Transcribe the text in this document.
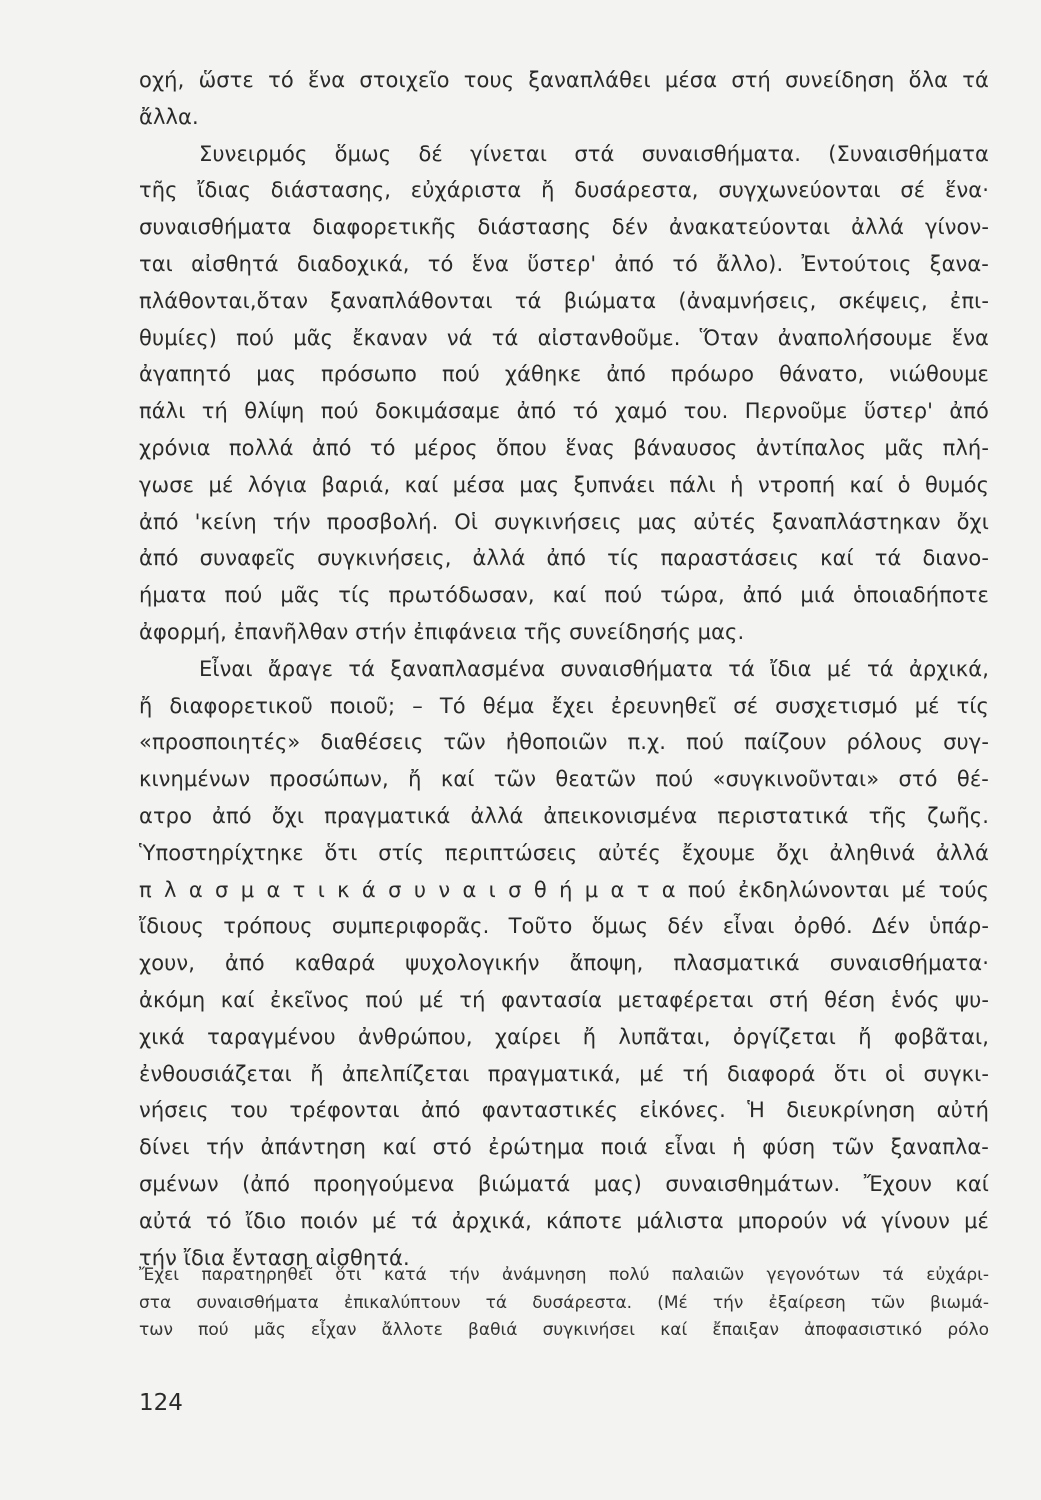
οχή, ὥστε τό ἕνα στοιχεῖο τους ξαναπλάθει μέσα στή συνείδηση ὅλα τά
ἄλλα.
Συνειρμός ὅμως δέ γίνεται στά συναισθήματα. (Συναισθήματα
τῆς ἴδιας διάστασης, εὐχάριστα ἤ δυσάρεστα, συγχωνεύονται σέ ἕνα·
συναισθήματα διαφορετικῆς διάστασης δέν ἀνακατεύονται ἀλλά γίνον-
ται αἰσθητά διαδοχικά, τό ἕνα ὕστερ' ἀπό τό ἄλλο). Ἐντούτοις ξανα-
πλάθονται,ὅταν ξαναπλάθονται τά βιώματα (ἀναμνήσεις, σκέψεις, ἐπι-
θυμίες) πού μᾶς ἔκαναν νά τά αἰστανθοῦμε. Ὅταν ἀναπολήσουμε ἕνα
ἀγαπητό μας πρόσωπο πού χάθηκε ἀπό πρόωρο θάνατο, νιώθουμε
πάλι τή θλίψη πού δοκιμάσαμε ἀπό τό χαμό του. Περνοῦμε ὕστερ' ἀπό
χρόνια πολλά ἀπό τό μέρος ὅπου ἕνας βάναυσος ἀντίπαλος μᾶς πλή-
γωσε μέ λόγια βαριά, καί μέσα μας ξυπνάει πάλι ἡ ντροπή καί ὁ θυμός
ἀπό 'κείνη τήν προσβολή. Οἱ συγκινήσεις μας αὐτές ξαναπλάστηκαν ὄχι
ἀπό συναφεῖς συγκινήσεις, ἀλλά ἀπό τίς παραστάσεις καί τά διανο-
ήματα πού μᾶς τίς πρωτόδωσαν, καί πού τώρα, ἀπό μιά ὁποιαδήποτε
ἀφορμή, ἐπανῆλθαν στήν ἐπιφάνεια τῆς συνείδησής μας.
Εἶναι ἄραγε τά ξαναπλασμένα συναισθήματα τά ἴδια μέ τά ἀρχικά,
ἤ διαφορετικοῦ ποιοῦ; – Τό θέμα ἔχει ἐρευνηθεῖ σέ συσχετισμό μέ τίς
«προσποιητές» διαθέσεις τῶν ἠθοποιῶν π.χ. πού παίζουν ρόλους συγ-
κινημένων προσώπων, ἤ καί τῶν θεατῶν πού «συγκινοῦνται» στό θέ-
ατρο ἀπό ὄχι πραγματικά ἀλλά ἀπεικονισμένα περιστατικά τῆς ζωῆς.
Ὑποστηρίχτηκε ὅτι στίς περιπτώσεις αὐτές ἔχουμε ὄχι ἀληθινά ἀλλά
π λ α σ μ α τ ι κ ά σ υ ν α ι σ θ ή μ α τ α πού ἐκδηλώνονται μέ τούς
ἴδιους τρόπους συμπεριφορᾶς. Τοῦτο ὅμως δέν εἶναι ὀρθό. Δέν ὑπάρ-
χουν, ἀπό καθαρά ψυχολογικήν ἄποψη, πλασματικά συναισθήματα·
ἀκόμη καί ἐκεῖνος πού μέ τή φαντασία μεταφέρεται στή θέση ἑνός ψυ-
χικά ταραγμένου ἀνθρώπου, χαίρει ἤ λυπᾶται, ὀργίζεται ἤ φοβᾶται,
ἐνθουσιάζεται ἤ ἀπελπίζεται πραγματικά, μέ τή διαφορά ὅτι οἱ συγκι-
νήσεις του τρέφονται ἀπό φανταστικές εἰκόνες. Ἡ διευκρίνηση αὐτή
δίνει τήν ἀπάντηση καί στό ἐρώτημα ποιά εἶναι ἡ φύση τῶν ξαναπλα-
σμένων (ἀπό προηγούμενα βιώματά μας) συναισθημάτων. Ἔχουν καί
αὐτά τό ἴδιο ποιόν μέ τά ἀρχικά, κάποτε μάλιστα μπορούν νά γίνουν μέ
τήν ἴδια ἔνταση αἰσθητά.
Ἔχει παρατηρηθεῖ ὅτι κατά τήν ἀνάμνηση πολύ παλαιῶν γεγονότων τά εὐχάρι-
στα συναισθήματα ἐπικαλύπτουν τά δυσάρεστα. (Μέ τήν ἐξαίρεση τῶν βιωμά-
των πού μᾶς εἶχαν ἄλλοτε βαθιά συγκινήσει καί ἔπαιξαν ἀποφασιστικό ρόλο
124
